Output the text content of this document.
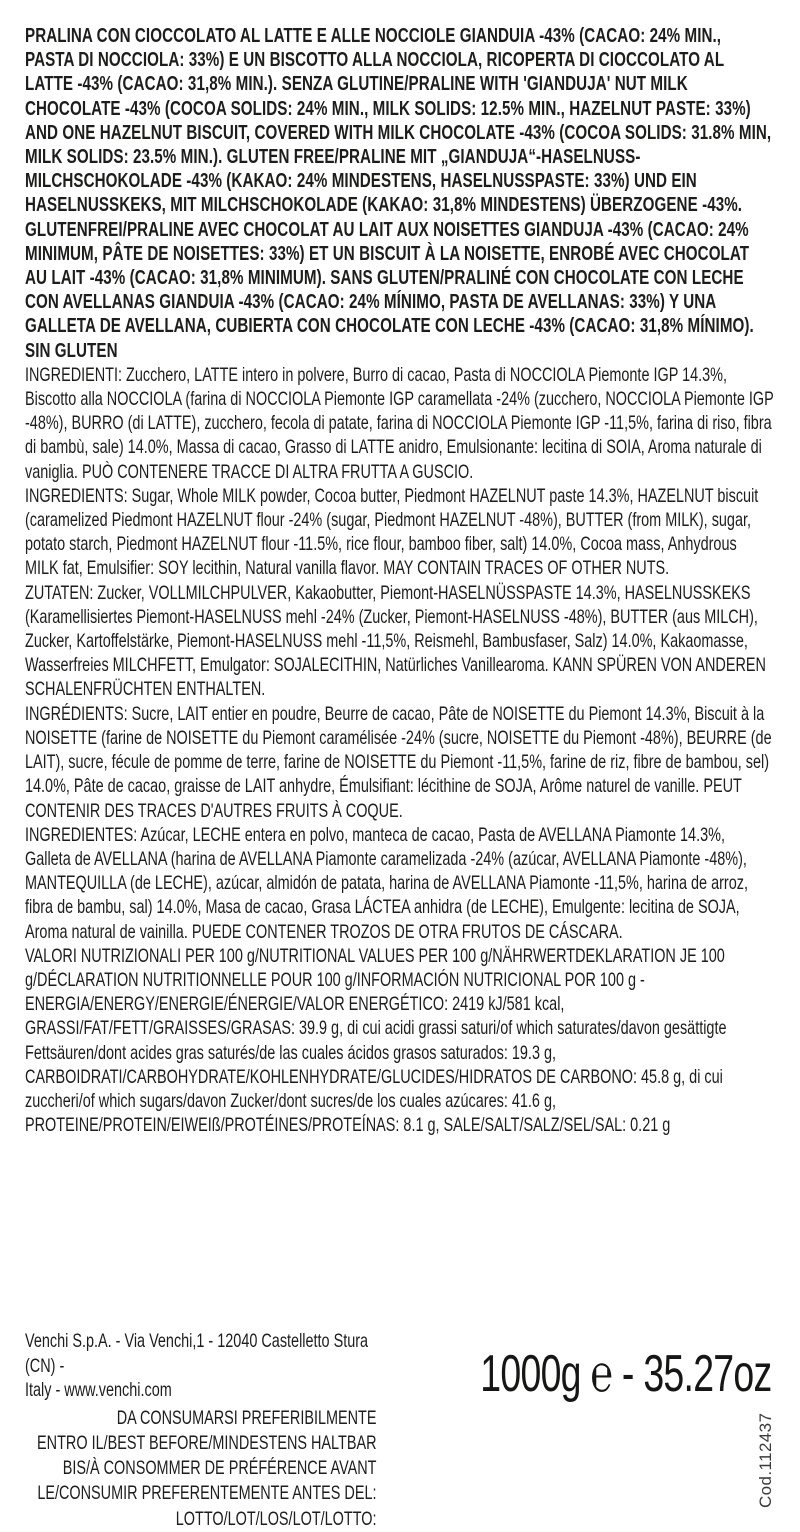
PRALINA CON CIOCCOLATO AL LATTE E ALLE NOCCIOLE GIANDUIA -43% (CACAO: 24% MIN., PASTA DI NOCCIOLA: 33%) E UN BISCOTTO ALLA NOCCIOLA, RICOPERTA DI CIOCCOLATO AL LATTE -43% (CACAO: 31,8% MIN.). SENZA GLUTINE/PRALINE WITH 'GIANDUJA' NUT MILK CHOCOLATE -43% (COCOA SOLIDS: 24% MIN., MILK SOLIDS: 12.5% MIN., HAZELNUT PASTE: 33%) AND ONE HAZELNUT BISCUIT, COVERED WITH MILK CHOCOLATE -43% (COCOA SOLIDS: 31.8% MIN, MILK SOLIDS: 23.5% MIN.). GLUTEN FREE/PRALINE MIT „GIANDUJA“-HASELNUSS-MILCHSCHOKOLADE -43% (KAKAO: 24% MINDESTENS, HASELNUSSPASTE: 33%) UND EIN HASELNUSSKEKS, MIT MILCHSCHOKOLADE (KAKAO: 31,8% MINDESTENS) ÜBERZOGENE -43%. GLUTENFREI/PRALINE AVEC CHOCOLAT AU LAIT AUX NOISETTES GIANDUJA -43% (CACAO: 24% MINIMUM, PÂTE DE NOISETTES: 33%) ET UN BISCUIT À LA NOISETTE, ENROBÉ AVEC CHOCOLAT AU LAIT -43% (CACAO: 31,8% MINIMUM). SANS GLUTEN/PRALINÉ CON CHOCOLATE CON LECHE CON AVELLANAS GIANDUIA -43% (CACAO: 24% MÍNIMO, PASTA DE AVELLANAS: 33%) Y UNA GALLETA DE AVELLANA, CUBIERTA CON CHOCOLATE CON LECHE -43% (CACAO: 31,8% MÍNIMO). SIN GLUTEN
INGREDIENTI: Zucchero, LATTE intero in polvere, Burro di cacao, Pasta di NOCCIOLA Piemonte IGP 14.3%, Biscotto alla NOCCIOLA (farina di NOCCIOLA Piemonte IGP caramellata -24% (zucchero, NOCCIOLA Piemonte IGP -48%), BURRO (di LATTE), zucchero, fecola di patate, farina di NOCCIOLA Piemonte IGP -11,5%, farina di riso, fibra di bambù, sale) 14.0%, Massa di cacao, Grasso di LATTE anidro, Emulsionante: lecitina di SOIA, Aroma naturale di vaniglia. PUÒ CONTENERE TRACCE DI ALTRA FRUTTA A GUSCIO.
INGREDIENTS: Sugar, Whole MILK powder, Cocoa butter, Piedmont HAZELNUT paste 14.3%, HAZELNUT biscuit (caramelized Piedmont HAZELNUT flour -24% (sugar, Piedmont HAZELNUT -48%), BUTTER (from MILK), sugar, potato starch, Piedmont HAZELNUT flour -11.5%, rice flour, bamboo fiber, salt) 14.0%, Cocoa mass, Anhydrous MILK fat, Emulsifier: SOY lecithin, Natural vanilla flavor. MAY CONTAIN TRACES OF OTHER NUTS.
ZUTATEN: Zucker, VOLLMILCHPULVER, Kakaobutter, Piemont-HASELNÜSSPASTE 14.3%, HASELNUSSKEKS (Karamellisiertes Piemont-HASELNUSS mehl -24% (Zucker, Piemont-HASELNUSS -48%), BUTTER (aus MILCH), Zucker, Kartoffelstärke, Piemont-HASELNUSS mehl -11,5%, Reismehl, Bambusfaser, Salz) 14.0%, Kakaomasse, Wasserfreies MILCHFETT, Emulgator: SOJALECITHIN, Natürliches Vanillearoma. KANN SPÜREN VON ANDEREN SCHALENFRÜCHTEN ENTHALTEN.
INGRÉDIENTS: Sucre, LAIT entier en poudre, Beurre de cacao, Pâte de NOISETTE du Piemont 14.3%, Biscuit à la NOISETTE (farine de NOISETTE du Piemont caramélisée -24% (sucre, NOISETTE du Piemont -48%), BEURRE (de LAIT), sucre, fécule de pomme de terre, farine de NOISETTE du Piemont -11,5%, farine de riz, fibre de bambou, sel) 14.0%, Pâte de cacao, graisse de LAIT anhydre, Émulsifiant: lécithine de SOJA, Arôme naturel de vanille. PEUT CONTENIR DES TRACES D'AUTRES FRUITS À COQUE.
INGREDIENTES: Azúcar, LECHE entera en polvo, manteca de cacao, Pasta de AVELLANA Piamonte 14.3%, Galleta de AVELLANA (harina de AVELLANA Piamonte caramelizada -24% (azúcar, AVELLANA Piamonte -48%), MANTEQUILLA (de LECHE), azúcar, almidón de patata, harina de AVELLANA Piamonte -11,5%, harina de arroz, fibra de bambu, sal) 14.0%, Masa de cacao, Grasa LÁCTEA anhidra (de LECHE), Emulgente: lecitina de SOJA, Aroma natural de vainilla. PUEDE CONTENER TROZOS DE OTRA FRUTOS DE CÁSCARA.
VALORI NUTRIZIONALI PER 100 g/NUTRITIONAL VALUES PER 100 g/NÄHRWERTDEKLARATION JE 100 g/DÉCLARATION NUTRITIONNELLE POUR 100 g/INFORMACIÓN NUTRICIONAL POR 100 g -
ENERGIA/ENERGY/ENERGIE/ÉNERGIE/VALOR ENERGÉTICO: 2419 kJ/581 kcal,
GRASSI/FAT/FETT/GRAISSES/GRASAS: 39.9 g, di cui acidi grassi saturi/of which saturates/davon gesättigte Fettsäuren/dont acides gras saturés/de las cuales ácidos grasos saturados: 19.3 g,
CARBOIDRATI/CARBOHYDRATE/KOHLENHYDRATE/GLUCIDES/HIDRATOS DE CARBONO: 45.8 g, di cui zuccheri/of which sugars/davon Zucker/dont sucres/de los cuales azúcares: 41.6 g,
PROTEINE/PROTEIN/EIWEIß/PROTÉINES/PROTEÍNAS: 8.1 g, SALE/SALT/SALZ/SEL/SAL: 0.21 g
Venchi S.p.A. - Via Venchi,1 - 12040 Castelletto Stura (CN) -
Italy - www.venchi.com
DA CONSUMARSI PREFERIBILMENTE
ENTRO IL/BEST BEFORE/MINDESTENS HALTBAR
BIS/À CONSOMMER DE PRÉFÉRENCE AVANT
LE/CONSUMIR PREFERENTEMENTE ANTES DEL:
LOTTO/LOT/LOS/LOT/LOTTO:
1000g ℮ - 35.27oz
Cod.112437
